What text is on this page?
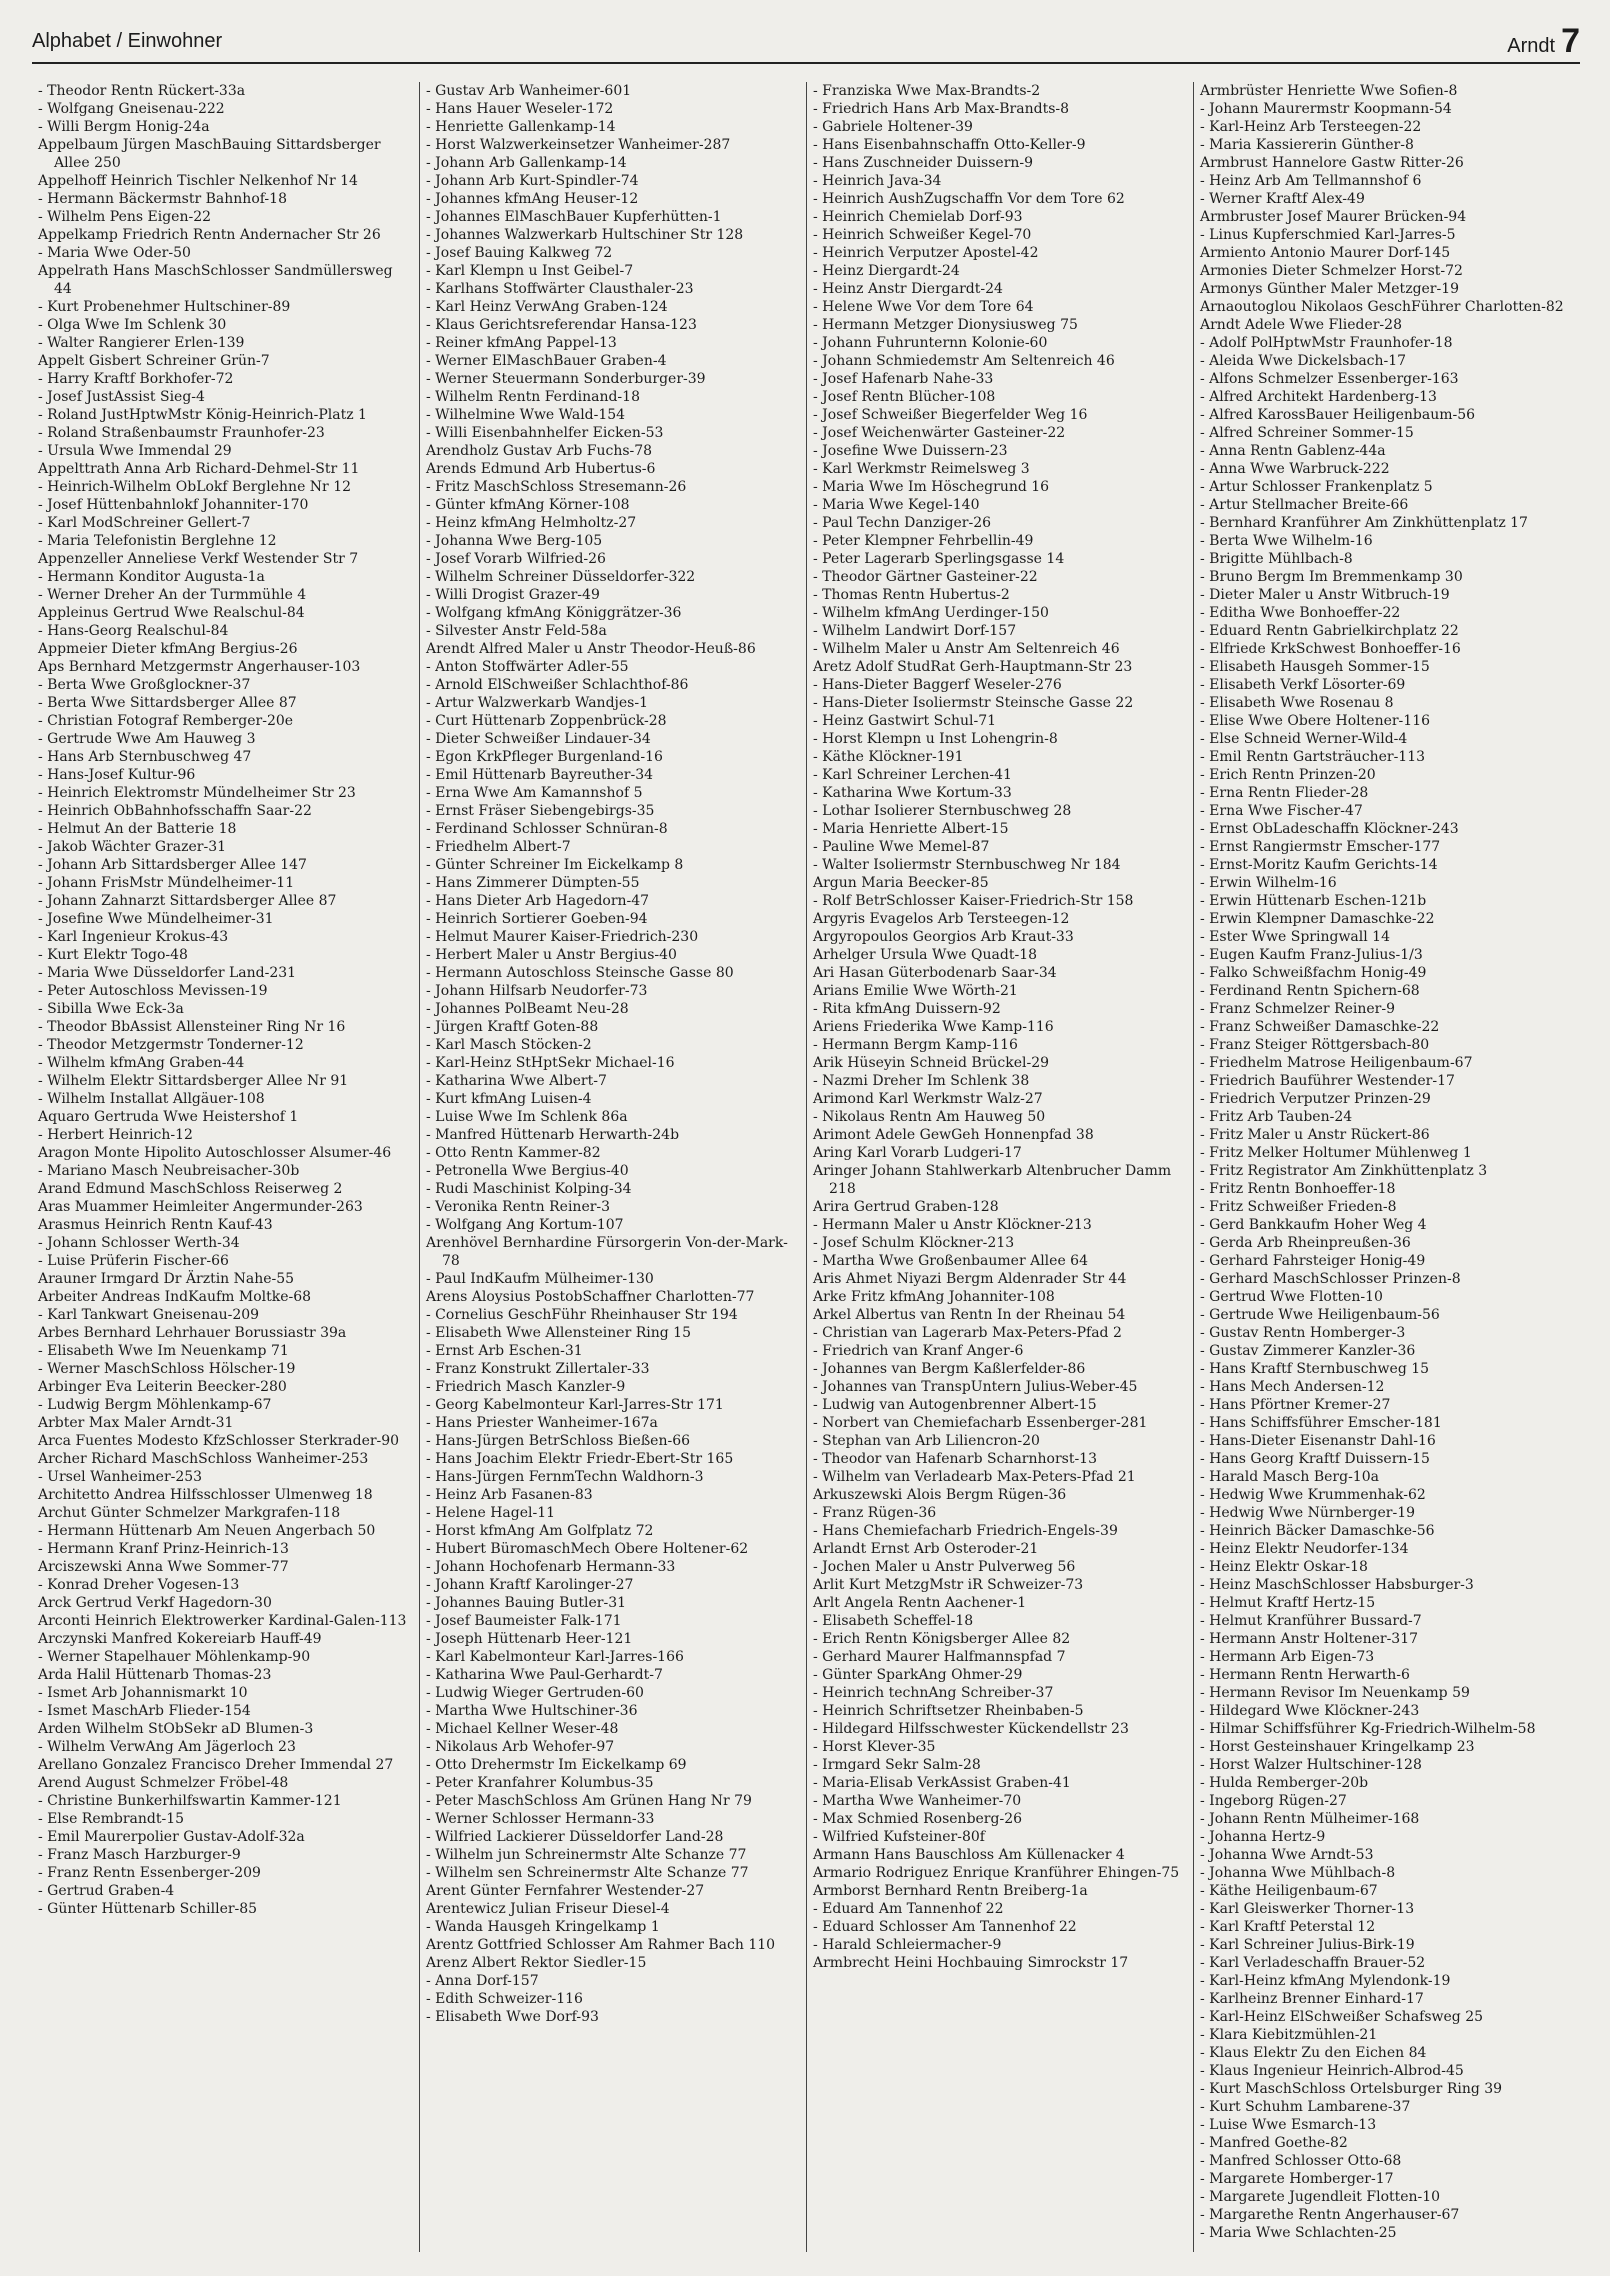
Alphabet / Einwohner	Arndt 7
- Theodor Rentn Rückert-33a
- Wolfgang Gneisenau-222
- Willi Bergm Honig-24a
Appelbaum Jürgen MaschBauing Sittardsberger Allee 250
Appelhoff Heinrich Tischler Nelkenhof Nr 14
- Hermann Bäckermstr Bahnhof-18
- Wilhelm Pens Eigen-22
Appelkamp Friedrich Rentn Andernacher Str 26
- Maria Wwe Oder-50
Appelrath Hans MaschSchlosser Sandmüllersweg 44
- Kurt Probenehmer Hultschiner-89
- Olga Wwe Im Schlenk 30
- Walter Rangierer Erlen-139
Appelt Gisbert Schreiner Grün-7
- Harry Kraftf Borkhofer-72
- Josef JustAssist Sieg-4
- Roland JustHptwMstr König-Heinrich-Platz 1
- Roland Straßenbaumstr Fraunhofer-23
- Ursula Wwe Immendal 29
Appelttrath Anna Arb Richard-Dehmel-Str 11
- Heinrich-Wilhelm ObLokf Berglehne Nr 12
- Josef Hüttenbahnlokf Johanniter-170
- Karl ModSchreiner Gellert-7
- Maria Telefonistin Berglehne 12
Appenzeller Anneliese Verkf Westender Str 7
- Hermann Konditor Augusta-1a
- Werner Dreher An der Turmmühle 4
Appleinus Gertrud Wwe Realschul-84
- Hans-Georg Realschul-84
Appmeier Dieter kfmAng Bergius-26
Aps Bernhard Metzgermstr Angerhauser-103
- Berta Wwe Großglockner-37
- Berta Wwe Sittardsberger Allee 87
- Christian Fotograf Remberger-20e
- Gertrude Wwe Am Hauweg 3
- Hans Arb Sternbuschweg 47
- Hans-Josef Kultur-96
- Heinrich Elektromstr Mündelheimer Str 23
- Heinrich ObBahnhofsschaffn Saar-22
- Helmut An der Batterie 18
- Jakob Wächter Grazer-31
- Johann Arb Sittardsberger Allee 147
- Johann FrisMstr Mündelheimer-11
- Johann Zahnarzt Sittardsberger Allee 87
- Josefine Wwe Mündelheimer-31
- Karl Ingenieur Krokus-43
- Kurt Elektr Togo-48
- Maria Wwe Düsseldorfer Land-231
- Peter Autoschloss Mevissen-19
- Sibilla Wwe Eck-3a
- Theodor BbAssist Allensteiner Ring Nr 16
- Theodor Metzgermstr Tonderner-12
- Wilhelm kfmAng Graben-44
- Wilhelm Elektr Sittardsberger Allee Nr 91
- Wilhelm Installat Allgäuer-108
Aquaro Gertruda Wwe Heistershof 1
- Herbert Heinrich-12
Aragon Monte Hipolito Autoschlosser Alsumer-46
- Mariano Masch Neubreisacher-30b
Arand Edmund MaschSchloss Reiserweg 2
Aras Muammer Heimleiter Angermunder-263
Arasmus Heinrich Rentn Kauf-43
- Johann Schlosser Werth-34
- Luise Prüferin Fischer-66
Arauner Irmgard Dr Ärztin Nahe-55
Arbeiter Andreas IndKaufm Moltke-68
- Karl Tankwart Gneisenau-209
Arbes Bernhard Lehrhauer Borussiastr 39a
- Elisabeth Wwe Im Neuenkamp 71
- Werner MaschSchloss Hölscher-19
Arbinger Eva Leiterin Beecker-280
- Ludwig Bergm Möhlenkamp-67
Arbter Max Maler Arndt-31
Arca Fuentes Modesto KfzSchlosser Sterkrader-90
Archer Richard MaschSchloss Wanheimer-253
- Ursel Wanheimer-253
Architetto Andrea Hilfsschlosser Ulmenweg 18
Archut Günter Schmelzer Markgrafen-118
- Hermann Hüttenarb Am Neuen Angerbach 50
- Hermann Kranf Prinz-Heinrich-13
Arciszewski Anna Wwe Sommer-77
- Konrad Dreher Vogesen-13
Arck Gertrud Verkf Hagedorn-30
Arconti Heinrich Elektrowerker Kardinal-Galen-113
Arczynski Manfred Kokereiarb Hauff-49
- Werner Stapelhauer Möhlenkamp-90
Arda Halil Hüttenarb Thomas-23
- Ismet Arb Johannismarkt 10
- Ismet MaschArb Flieder-154
Arden Wilhelm StObSekr aD Blumen-3
- Wilhelm VerwAng Am Jägerloch 23
Arellano Gonzalez Francisco Dreher Immendal 27
Arend August Schmelzer Fröbel-48
- Christine Bunkerhilfswartin Kammer-121
- Else Rembrandt-15
- Emil Maurerpolier Gustav-Adolf-32a
- Franz Masch Harzburger-9
- Franz Rentn Essenberger-209
- Gertrud Graben-4
- Günter Hüttenarb Schiller-85
- Gustav Arb Wanheimer-601
- Hans Hauer Weseler-172
- Henriette Gallenkamp-14
- Horst Walzwerkeinsetzer Wanheimer-287
- Johann Arb Gallenkamp-14
- Johann Arb Kurt-Spindler-74
- Johannes kfmAng Heuser-12
- Johannes ElMaschBauer Kupferhütten-1
- Johannes Walzwerkarb Hultschiner Str 128
- Josef Bauing Kalkweg 72
- Karl Klempn u Inst Geibel-7
- Karlhans Stoffwärter Clausthaler-23
- Karl Heinz VerwAng Graben-124
- Klaus Gerichtsreferendar Hansa-123
- Reiner kfmAng Pappel-13
- Werner ElMaschBauer Graben-4
- Werner Steuermann Sonderburger-39
- Wilhelm Rentn Ferdinand-18
- Wilhelmine Wwe Wald-154
- Willi Eisenbahnhelfer Eicken-53
Arendholz Gustav Arb Fuchs-78
Arends Edmund Arb Hubertus-6
- Fritz MaschSchloss Stresemann-26
- Günter kfmAng Körner-108
- Heinz kfmAng Helmholtz-27
- Johanna Wwe Berg-105
- Josef Vorarb Wilfried-26
- Wilhelm Schreiner Düsseldorfer-322
- Willi Drogist Grazer-49
- Wolfgang kfmAng Königgrätzer-36
- Silvester Anstr Feld-58a
Arendt Alfred Maler u Anstr Theodor-Heuß-86
- Anton Stoffwärter Adler-55
- Arnold ElSchweißer Schlachthof-86
- Artur Walzwerkarb Wandjes-1
- Curt Hüttenarb Zoppenbrück-28
- Dieter Schweißer Lindauer-34
- Egon KrkPfleger Burgenland-16
- Emil Hüttenarb Bayreuther-34
- Erna Wwe Am Kamannshof 5
- Ernst Fräser Siebengebirgs-35
- Ferdinand Schlosser Schnüran-8
- Friedhelm Albert-7
- Günter Schreiner Im Eickelkamp 8
- Hans Zimmerer Dümpten-55
- Hans Dieter Arb Hagedorn-47
- Heinrich Sortierer Goeben-94
- Helmut Maurer Kaiser-Friedrich-230
- Herbert Maler u Anstr Bergius-40
- Hermann Autoschloss Steinsche Gasse 80
- Johann Hilfsarb Neudorfer-73
- Johannes PolBeamt Neu-28
- Jürgen Kraftf Goten-88
- Karl Masch Stöcken-2
- Karl-Heinz StHptSekr Michael-16
- Katharina Wwe Albert-7
- Kurt kfmAng Luisen-4
- Luise Wwe Im Schlenk 86a
- Manfred Hüttenarb Herwarth-24b
- Otto Rentn Kammer-82
- Petronella Wwe Bergius-40
- Rudi Maschinist Kolping-34
- Veronika Rentn Reiner-3
- Wolfgang Ang Kortum-107
Arenhövel Bernhardine Fürsorgerin Von-der-Mark-78
- Paul IndKaufm Mülheimer-130
Arens Aloysius PostobSchaffner Charlotten-77
- Cornelius GeschFühr Rheinhauser Str 194
- Elisabeth Wwe Allensteiner Ring 15
- Ernst Arb Eschen-31
- Franz Konstrukt Zillertaler-33
- Friedrich Masch Kanzler-9
- Georg Kabelmonteur Karl-Jarres-Str 171
- Hans Priester Wanheimer-167a
- Hans-Jürgen BetrSchloss Bießen-66
- Hans Joachim Elektr Friedr-Ebert-Str 165
- Hans-Jürgen FernmTechn Waldhorn-3
- Heinz Arb Fasanen-83
- Helene Hagel-11
- Horst kfmAng Am Golfplatz 72
- Hubert BüromaschMech Obere Holtener-62
- Johann Hochofenarb Hermann-33
- Johann Kraftf Karolinger-27
- Johannes Bauing Butler-31
- Josef Baumeister Falk-171
- Joseph Hüttenarb Heer-121
- Karl Kabelmonteur Karl-Jarres-166
- Katharina Wwe Paul-Gerhardt-7
- Ludwig Wieger Gertruden-60
- Martha Wwe Hultschiner-36
- Michael Kellner Weser-48
- Nikolaus Arb Wehofer-97
- Otto Drehermstr Im Eickelkamp 69
- Peter Kranfahrer Kolumbus-35
- Peter MaschSchloss Am Grünen Hang Nr 79
- Werner Schlosser Hermann-33
- Wilfried Lackierer Düsseldorfer Land-28
- Wilhelm jun Schreinermstr Alte Schanze 77
- Wilhelm sen Schreinermstr Alte Schanze 77
Arent Günter Fernfahrer Westender-27
Arentewicz Julian Friseur Diesel-4
- Wanda Hausgeh Kringelkamp 1
Arentz Gottfried Schlosser Am Rahmer Bach 110
Arenz Albert Rektor Siedler-15
- Anna Dorf-157
- Edith Schweizer-116
- Elisabeth Wwe Dorf-93
- Franziska Wwe Max-Brandts-2
- Friedrich Hans Arb Max-Brandts-8
- Gabriele Holtener-39
- Hans Eisenbahnschaffn Otto-Keller-9
- Hans Zuschneider Duissern-9
- Heinrich Java-34
- Heinrich AushZugschaffn Vor dem Tore 62
- Heinrich Chemielab Dorf-93
- Heinrich Schweißer Kegel-70
- Heinrich Verputzer Apostel-42
- Heinz Diergardt-24
- Heinz Anstr Diergardt-24
- Helene Wwe Vor dem Tore 64
- Hermann Metzger Dionysiusweg 75
- Johann Fuhrunternn Kolonie-60
- Johann Schmiedemstr Am Seltenreich 46
- Josef Hafenarb Nahe-33
- Josef Rentn Blücher-108
- Josef Schweißer Biegerfelder Weg 16
- Josef Weichenwärter Gasteiner-22
- Josefine Wwe Duissern-23
- Karl Werkmstr Reimelsweg 3
- Maria Wwe Im Höschegrund 16
- Maria Wwe Kegel-140
- Paul Techn Danziger-26
- Peter Klempner Fehrbellin-49
- Peter Lagerarb Sperlingsgasse 14
- Theodor Gärtner Gasteiner-22
- Thomas Rentn Hubertus-2
- Wilhelm kfmAng Uerdinger-150
- Wilhelm Landwirt Dorf-157
- Wilhelm Maler u Anstr Am Seltenreich 46
Aretz Adolf StudRat Gerh-Hauptmann-Str 23
- Hans-Dieter Baggerf Weseler-276
- Hans-Dieter Isoliermstr Steinsche Gasse 22
- Heinz Gastwirt Schul-71
- Horst Klempn u Inst Lohengrin-8
- Käthe Klöckner-191
- Karl Schreiner Lerchen-41
- Katharina Wwe Kortum-33
- Lothar Isolierer Sternbuschweg 28
- Maria Henriette Albert-15
- Pauline Wwe Memel-87
- Walter Isoliermstr Sternbuschweg Nr 184
Argun Maria Beecker-85
- Rolf BetrSchlosser Kaiser-Friedrich-Str 158
Argyris Evagelos Arb Tersteegen-12
Argyropoulos Georgios Arb Kraut-33
Arhelger Ursula Wwe Quadt-18
Ari Hasan Güterbodenarb Saar-34
Arians Emilie Wwe Wörth-21
- Rita kfmAng Duissern-92
Ariens Friederika Wwe Kamp-116
- Hermann Bergm Kamp-116
Arik Hüseyin Schneid Brückel-29
- Nazmi Dreher Im Schlenk 38
Arimond Karl Werkmstr Walz-27
- Nikolaus Rentn Am Hauweg 50
Arimont Adele GewGeh Honnenpfad 38
Aring Karl Vorarb Ludgeri-17
Aringer Johann Stahlwerkarb Altenbrucher Damm 218
Arira Gertrud Graben-128
- Hermann Maler u Anstr Klöckner-213
- Josef Schulm Klöckner-213
- Martha Wwe Großenbaumer Allee 64
Aris Ahmet Niyazi Bergm Aldenrader Str 44
Arke Fritz kfmAng Johanniter-108
Arkel Albertus van Rentn In der Rheinau 54
- Christian van Lagerarb Max-Peters-Pfad 2
- Friedrich van Kranf Anger-6
- Johannes van Bergm Kaßlerfelder-86
- Johannes van TranspUntern Julius-Weber-45
- Ludwig van Autogenbrenner Albert-15
- Norbert van Chemiefacharb Essenberger-281
- Stephan van Arb Liliencron-20
- Theodor van Hafenarb Scharnhorst-13
- Wilhelm van Verladearb Max-Peters-Pfad 21
Arkuszewski Alois Bergm Rügen-36
- Franz Rügen-36
- Hans Chemiefacharb Friedrich-Engels-39
Arlandt Ernst Arb Osteroder-21
- Jochen Maler u Anstr Pulverweg 56
Arlit Kurt MetzgMstr iR Schweizer-73
Arlt Angela Rentn Aachener-1
- Elisabeth Scheffel-18
- Erich Rentn Königsberger Allee 82
- Gerhard Maurer Halfmannspfad 7
- Günter SparkAng Ohmer-29
- Heinrich technAng Schreiber-37
- Heinrich Schriftsetzer Rheinbaben-5
- Hildegard Hilfsschwester Kückendellstr 23
- Horst Klever-35
- Irmgard Sekr Salm-28
- Maria-Elisab VerkAssist Graben-41
- Martha Wwe Wanheimer-70
- Max Schmied Rosenberg-26
- Wilfried Kufsteiner-80f
Armann Hans Bauschloss Am Küllenacker 4
Armario Rodriguez Enrique Kranführer Ehingen-75
Armborst Bernhard Rentn Breiberg-1a
- Eduard Am Tannenhof 22
- Eduard Schlosser Am Tannenhof 22
- Harald Schleiermacher-9
Armbrecht Heini Hochbauing Simrockstr 17
Armbrüster Henriette Wwe Sofien-8
- Johann Maurermstr Koopmann-54
- Karl-Heinz Arb Tersteegen-22
- Maria Kassiererin Günther-8
Armbrust Hannelore Gastw Ritter-26
- Heinz Arb Am Tellmannshof 6
- Werner Kraftf Alex-49
Armbruster Josef Maurer Brücken-94
- Linus Kupferschmied Karl-Jarres-5
Armiento Antonio Maurer Dorf-145
Armonies Dieter Schmelzer Horst-72
Armonys Günther Maler Metzger-19
Arnaoutoglou Nikolaos GeschFührer Charlotten-82
Arndt Adele Wwe Flieder-28
- Adolf PolHptwMstr Fraunhofer-18
- Aleida Wwe Dickelsbach-17
- Alfons Schmelzer Essenberger-163
- Alfred Architekt Hardenberg-13
- Alfred KarossBauer Heiligenbaum-56
- Alfred Schreiner Sommer-15
- Anna Rentn Gablenz-44a
- Anna Wwe Warbruck-222
- Artur Schlosser Frankenplatz 5
- Artur Stellmacher Breite-66
- Bernhard Kranführer Am Zinkhüttenplatz 17
- Berta Wwe Wilhelm-16
- Brigitte Mühlbach-8
- Bruno Bergm Im Bremmenkamp 30
- Dieter Maler u Anstr Witbruch-19
- Editha Wwe Bonhoeffer-22
- Eduard Rentn Gabrielkirchplatz 22
- Elfriede KrkSchwest Bonhoeffer-16
- Elisabeth Hausgeh Sommer-15
- Elisabeth Verkf Lösorter-69
- Elisabeth Wwe Rosenau 8
- Elise Wwe Obere Holtener-116
- Else Schneid Werner-Wild-4
- Emil Rentn Gartsträucher-113
- Erich Rentn Prinzen-20
- Erna Rentn Flieder-28
- Erna Wwe Fischer-47
- Ernst ObLadeschaffn Klöckner-243
- Ernst Rangiermstr Emscher-177
- Ernst-Moritz Kaufm Gerichts-14
- Erwin Wilhelm-16
- Erwin Hüttenarb Eschen-121b
- Erwin Klempner Damaschke-22
- Ester Wwe Springwall 14
- Eugen Kaufm Franz-Julius-1/3
- Falko Schweißfachm Honig-49
- Ferdinand Rentn Spichern-68
- Franz Schmelzer Reiner-9
- Franz Schweißer Damaschke-22
- Franz Steiger Röttgersbach-80
- Friedhelm Matrose Heiligenbaum-67
- Friedrich Bauführer Westender-17
- Friedrich Verputzer Prinzen-29
- Fritz Arb Tauben-24
- Fritz Maler u Anstr Rückert-86
- Fritz Melker Holtumer Mühlenweg 1
- Fritz Registrator Am Zinkhüttenplatz 3
- Fritz Rentn Bonhoeffer-18
- Fritz Schweißer Frieden-8
- Gerd Bankkaufm Hoher Weg 4
- Gerda Arb Rheinpreußen-36
- Gerhard Fahrsteiger Honig-49
- Gerhard MaschSchlosser Prinzen-8
- Gertrud Wwe Flotten-10
- Gertrude Wwe Heiligenbaum-56
- Gustav Rentn Homberger-3
- Gustav Zimmerer Kanzler-36
- Hans Kraftf Sternbuschweg 15
- Hans Mech Andersen-12
- Hans Pförtner Kremer-27
- Hans Schiffsführer Emscher-181
- Hans-Dieter Eisenanstr Dahl-16
- Hans Georg Kraftf Duissern-15
- Harald Masch Berg-10a
- Hedwig Wwe Krummenhak-62
- Hedwig Wwe Nürnberger-19
- Heinrich Bäcker Damaschke-56
- Heinz Elektr Neudorfer-134
- Heinz Elektr Oskar-18
- Heinz MaschSchlosser Habsburger-3
- Helmut Kraftf Hertz-15
- Helmut Kranführer Bussard-7
- Hermann Anstr Holtener-317
- Hermann Arb Eigen-73
- Hermann Rentn Herwarth-6
- Hermann Revisor Im Neuenkamp 59
- Hildegard Wwe Klöckner-243
- Hilmar Schiffsführer Kg-Friedrich-Wilhelm-58
- Horst Gesteinshauer Kringelkamp 23
- Horst Walzer Hultschiner-128
- Hulda Remberger-20b
- Ingeborg Rügen-27
- Johann Rentn Mülheimer-168
- Johanna Hertz-9
- Johanna Wwe Arndt-53
- Johanna Wwe Mühlbach-8
- Käthe Heiligenbaum-67
- Karl Gleiswerker Thorner-13
- Karl Kraftf Peterstal 12
- Karl Schreiner Julius-Birk-19
- Karl Verladeschaffn Brauer-52
- Karl-Heinz kfmAng Mylendonk-19
- Karlheinz Brenner Einhard-17
- Karl-Heinz ElSchweißer Schafsweg 25
- Klara Kiebitzmühlen-21
- Klaus Elektr Zu den Eichen 84
- Klaus Ingenieur Heinrich-Albrod-45
- Kurt MaschSchloss Ortelsburger Ring 39
- Kurt Schuhm Lambarene-37
- Luise Wwe Esmarch-13
- Manfred Goethe-82
- Manfred Schlosser Otto-68
- Margarete Homberger-17
- Margarete Jugendleit Flotten-10
- Margarethe Rentn Angerhauser-67
- Maria Wwe Schlachten-25
